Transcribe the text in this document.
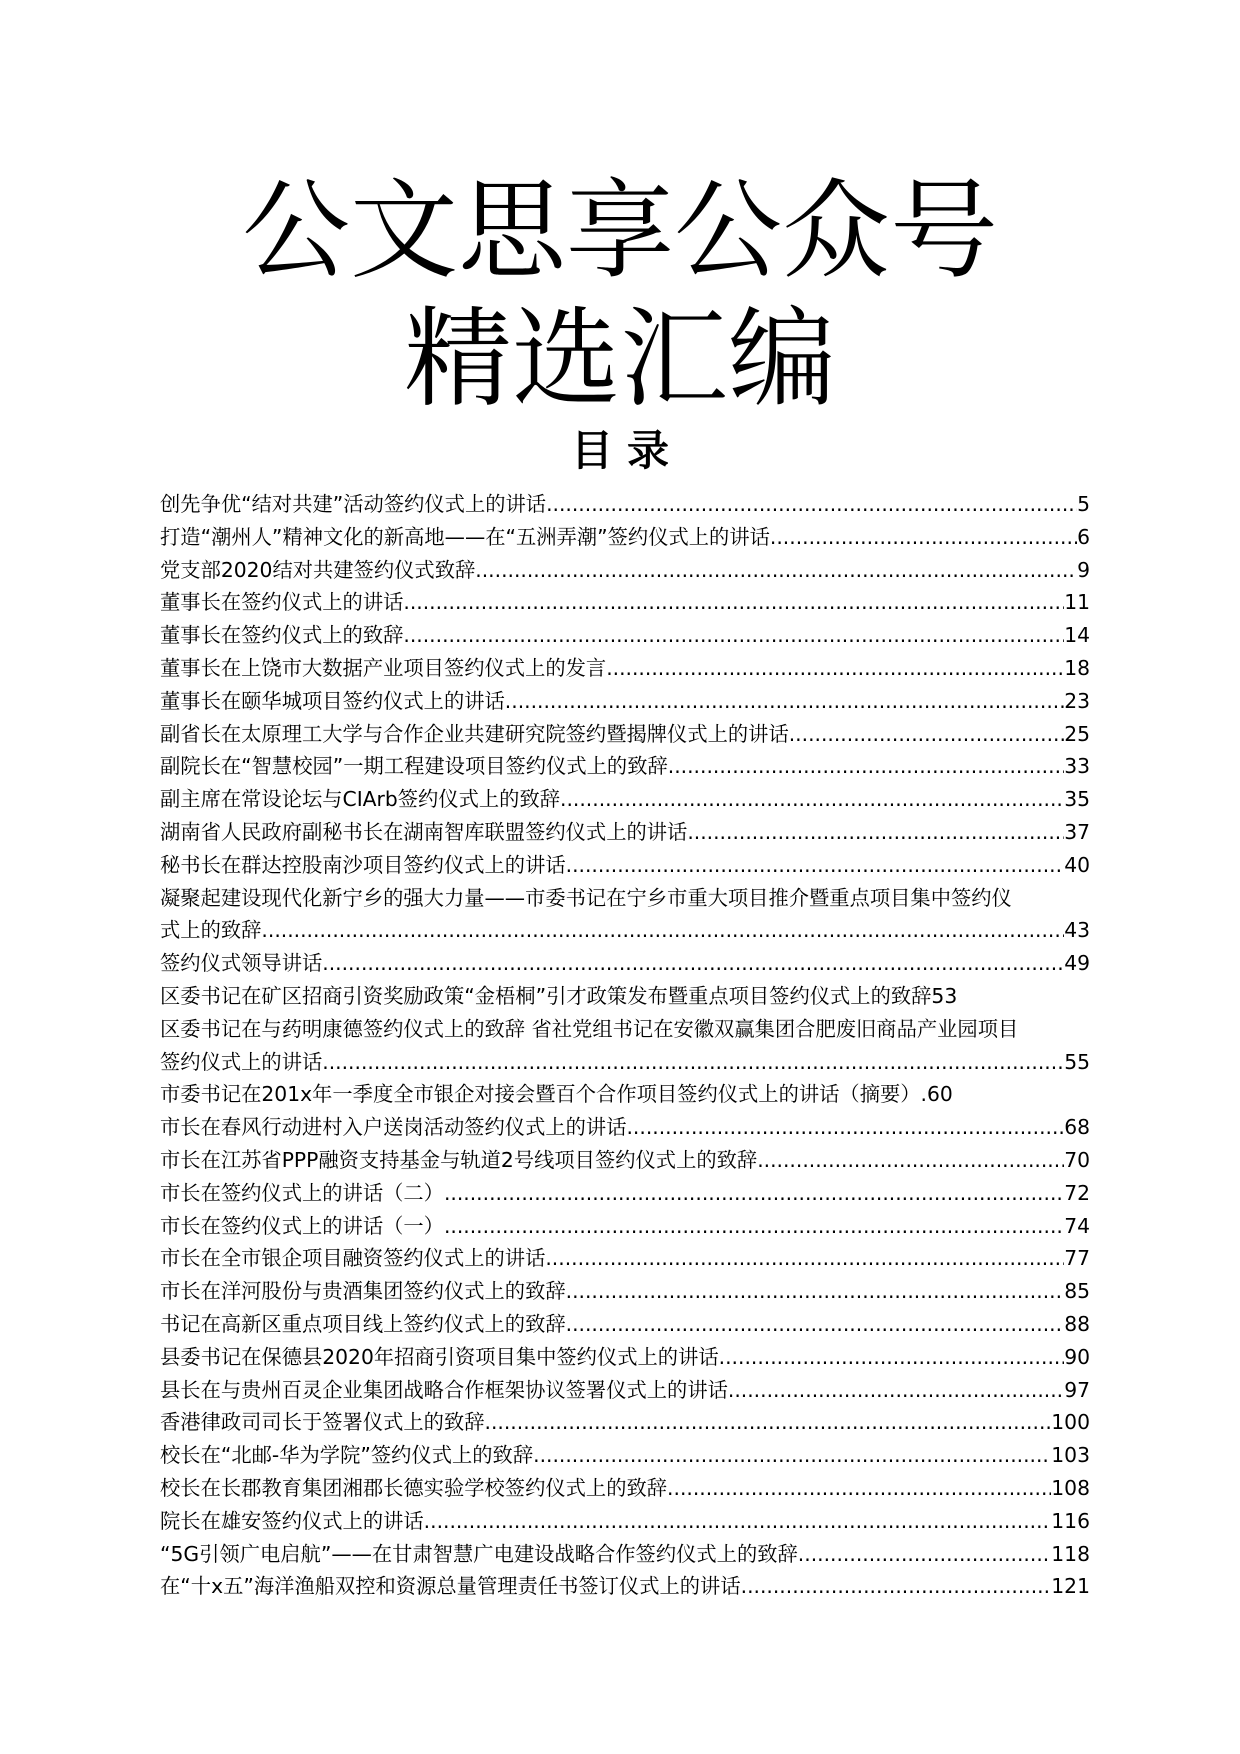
公文思享公众号
精选汇编
目录
创先争优“结对共建”活动签约仪式上的讲话 .....	5
打造“潮州人”精神文化的新高地——在“五洲弄潮”签约仪式上的讲话 .....	6
党支部2020结对共建签约仪式致辞 .....	9
董事长在签约仪式上的讲话 .....	11
董事长在签约仪式上的致辞 .....	14
董事长在上饶市大数据产业项目签约仪式上的发言 .....	18
董事长在颐华城项目签约仪式上的讲话 .....	23
副省长在太原理工大学与合作企业共建研究院签约暨揭牌仪式上的讲话 .....	25
副院长在“智慧校园”一期工程建设项目签约仪式上的致辞 .....	33
副主席在常设论坛与CIArb签约仪式上的致辞 .....	35
湖南省人民政府副秘书长在湖南智库联盟签约仪式上的讲话 .....	37
秘书长在群达控股南沙项目签约仪式上的讲话 .....	40
凝聚起建设现代化新宁乡的强大力量——市委书记在宁乡市重大项目推介暨重点项目集中签约仪
式上的致辞 .....	43
签约仪式领导讲话 .....	49
区委书记在矿区招商引资奖励政策“金梧桐”引才政策发布暨重点项目签约仪式上的致辞53
区委书记在与药明康德签约仪式上的致辞 省社党组书记在安徽双赢集团合肥废旧商品产业园项目
签约仪式上的讲话 .....	55
市委书记在201x年一季度全市银企对接会暨百个合作项目签约仪式上的讲话（摘要）.60
市长在春风行动进村入户送岗活动签约仪式上的讲话 .....	68
市长在江苏省PPP融资支持基金与轨道2号线项目签约仪式上的致辞 .....	70
市长在签约仪式上的讲话（二） .....	72
市长在签约仪式上的讲话（一） .....	74
市长在全市银企项目融资签约仪式上的讲话 .....	77
市长在洋河股份与贵酒集团签约仪式上的致辞 .....	85
书记在高新区重点项目线上签约仪式上的致辞 .....	88
县委书记在保德县2020年招商引资项目集中签约仪式上的讲话 .....	90
县长在与贵州百灵企业集团战略合作框架协议签署仪式上的讲话 .....	97
香港律政司司长于签署仪式上的致辞 .....	100
校长在“北邮-华为学院”签约仪式上的致辞 .....	103
校长在长郡教育集团湘郡长德实验学校签约仪式上的致辞 .....	108
院长在雄安签约仪式上的讲话 .....	116
“5G引领广电启航”——在甘肃智慧广电建设战略合作签约仪式上的致辞 .....	118
在“十x五”海洋渔船双控和资源总量管理责任书签订仪式上的讲话 .....	121
